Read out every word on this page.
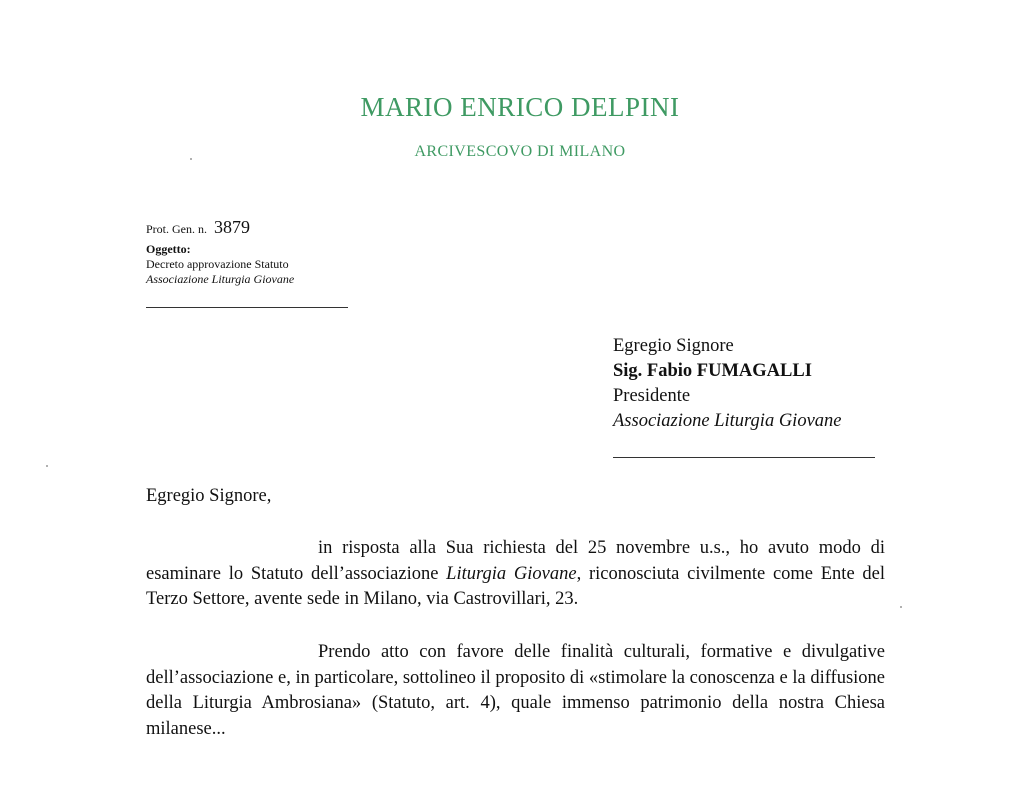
MARIO ENRICO DELPINI
ARCIVESCOVO DI MILANO
Prot. Gen. n. 3879
Oggetto:
Decreto approvazione Statuto
Associazione Liturgia Giovane
Egregio Signore
Sig. Fabio FUMAGALLI
Presidente
Associazione Liturgia Giovane
Egregio Signore,
in risposta alla Sua richiesta del 25 novembre u.s., ho avuto modo di esaminare lo Statuto dell’associazione Liturgia Giovane, riconosciuta civilmente come Ente del Terzo Settore, avente sede in Milano, via Castrovillari, 23.
Prendo atto con favore delle finalità culturali, formative e divulgative dell’associazione e, in particolare, sottolineo il proposito di «stimolare la conoscenza e la diffusione della Liturgia Ambrosiana» (Statuto, art. 4), quale immenso patrimonio della nostra Chiesa milanese...
